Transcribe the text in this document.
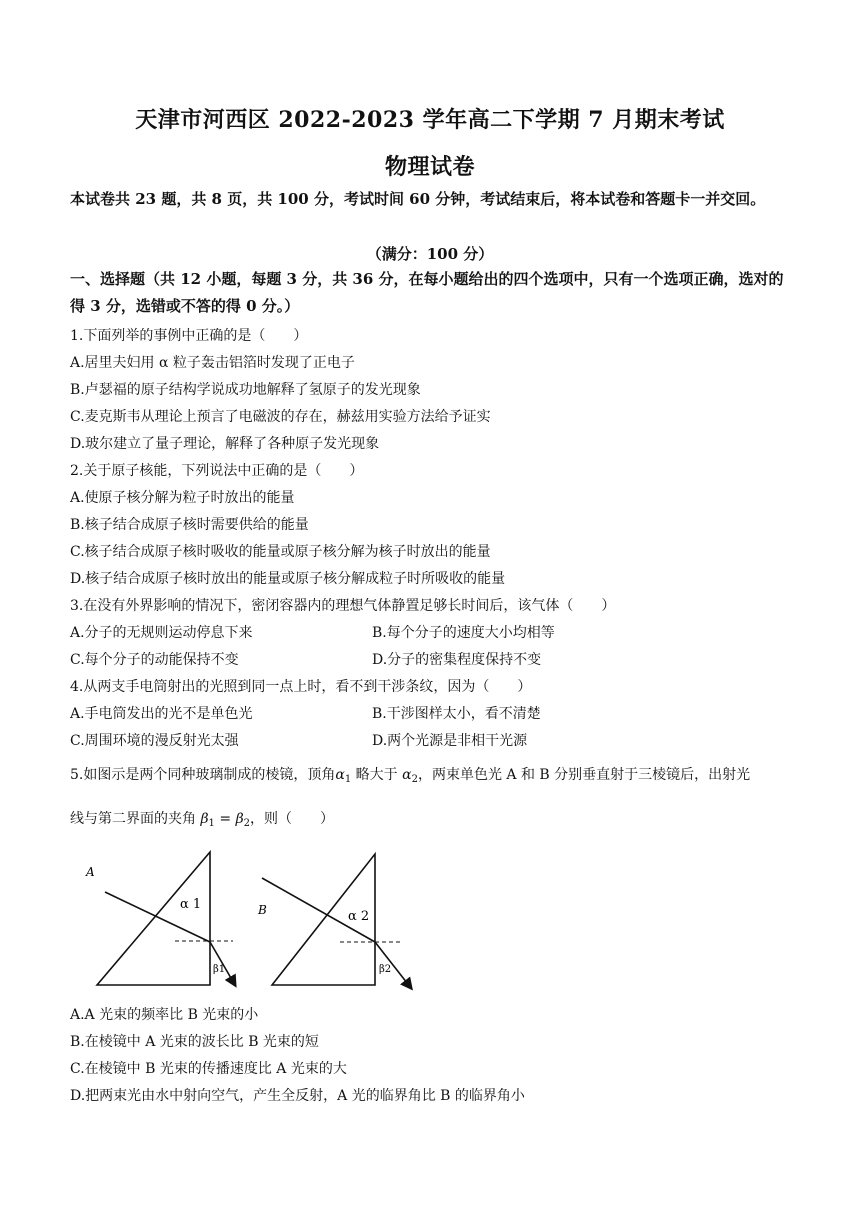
天津市河西区 2022-2023 学年高二下学期 7 月期末考试
物理试卷
本试卷共 23 题，共 8 页，共 100 分，考试时间 60 分钟，考试结束后，将本试卷和答题卡一并交回。
（满分：100 分）
一、选择题（共 12 小题，每题 3 分，共 36 分，在每小题给出的四个选项中，只有一个选项正确，选对的得 3 分，选错或不答的得 0 分。）
1.下面列举的事例中正确的是（　　）
A.居里夫妇用 α 粒子轰击铝箔时发现了正电子
B.卢瑟福的原子结构学说成功地解释了氢原子的发光现象
C.麦克斯韦从理论上预言了电磁波的存在，赫兹用实验方法给予证实
D.玻尔建立了量子理论，解释了各种原子发光现象
2.关于原子核能，下列说法中正确的是（　　）
A.使原子核分解为粒子时放出的能量
B.核子结合成原子核时需要供给的能量
C.核子结合成原子核时吸收的能量或原子核分解为核子时放出的能量
D.核子结合成原子核时放出的能量或原子核分解成粒子时所吸收的能量
3.在没有外界影响的情况下，密闭容器内的理想气体静置足够长时间后，该气体（　　）
A.分子的无规则运动停息下来	B.每个分子的速度大小均相等
C.每个分子的动能保持不变	D.分子的密集程度保持不变
4.从两支手电筒射出的光照到同一点上时，看不到干涉条纹，因为（　　）
A.手电筒发出的光不是单色光	B.干涉图样太小，看不清楚
C.周围环境的漫反射光太强	D.两个光源是非相干光源
5.如图示是两个同种玻璃制成的棱镜，顶角$\alpha_1$ 略大于 $\alpha_2$，两束单色光 A 和 B 分别垂直射于三棱镜后，出射光
线与第二界面的夹角 $\beta_1 = \beta_2$，则（　　）
A
α 1
β1
B	α 2
β2
A.A 光束的频率比 B 光束的小
B.在棱镜中 A 光束的波长比 B 光束的短
C.在棱镜中 B 光束的传播速度比 A 光束的大
D.把两束光由水中射向空气，产生全反射，A 光的临界角比 B 的临界角小
